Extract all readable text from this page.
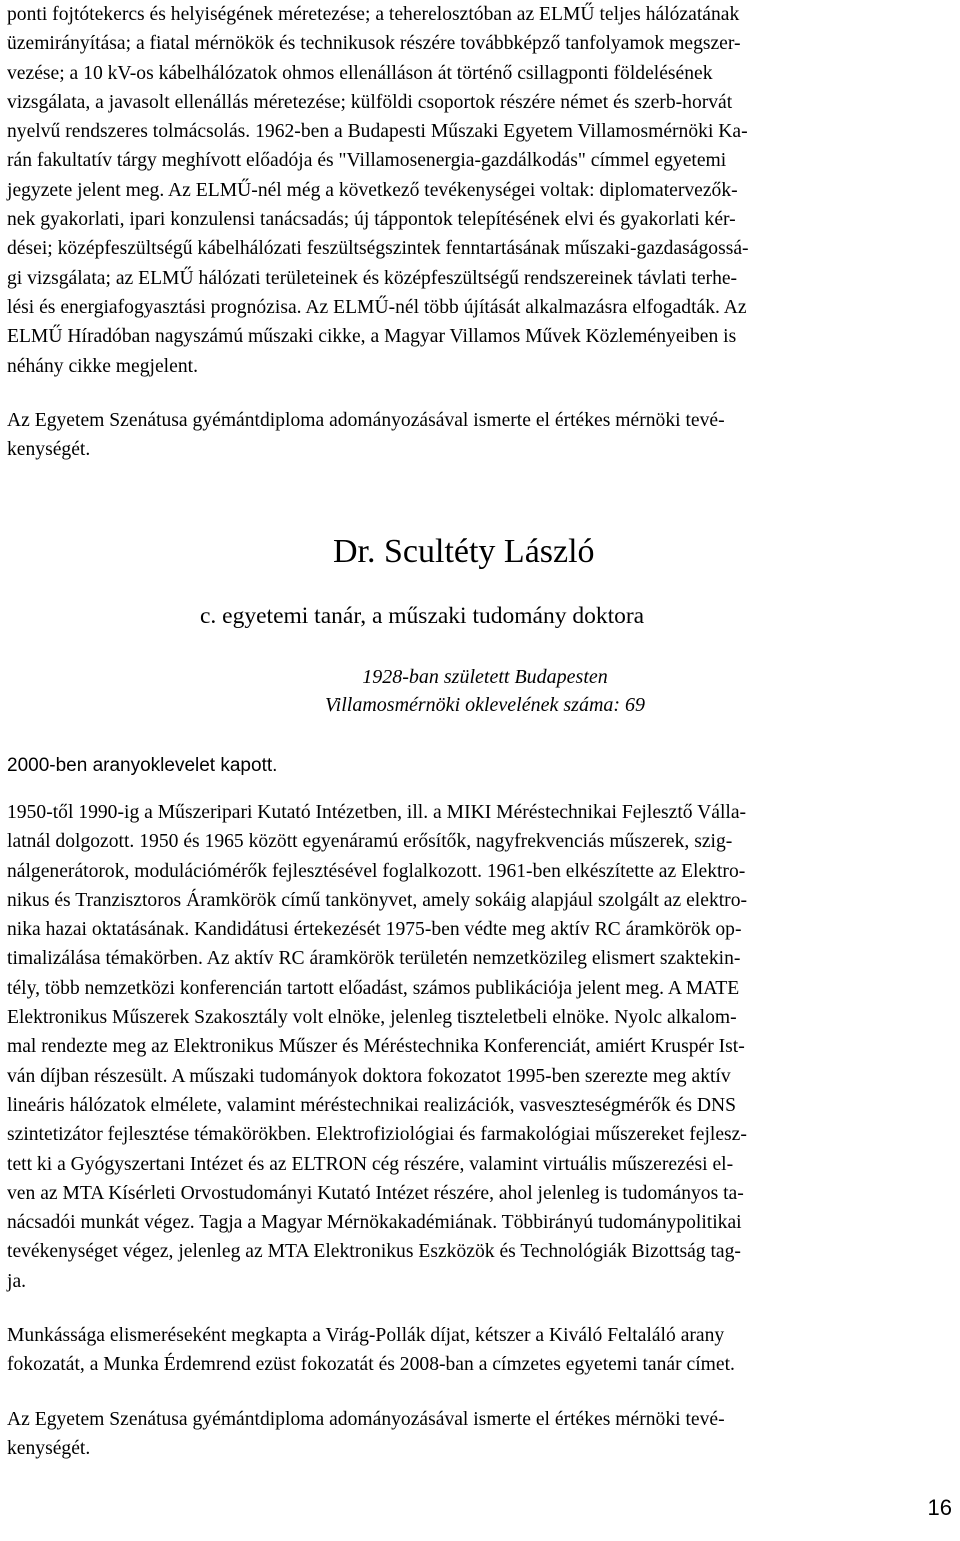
ponti fojtótekercs és helyiségének méretezése; a teherelosztóban az ELMŰ teljes hálózatának
üzemirányítása; a fiatal mérnökök és technikusok részére továbbképző tanfolyamok megszer-
vezése; a 10 kV-os kábelhálózatok ohmos ellenálláson át történő csillagponti földelésének
vizsgálata, a javasolt ellenállás méretezése; külföldi csoportok részére német és szerb-horvát
nyelvű rendszeres tolmácsolás. 1962-ben a Budapesti Műszaki Egyetem Villamosmérnöki Ka-
rán fakultatív tárgy meghívott előadója és "Villamosenergia-gazdálkodás" címmel egyetemi
jegyzete jelent meg. Az ELMŰ-nél még a következő tevékenységei voltak: diplomatervezők-
nek gyakorlati, ipari konzulensi tanácsadás; új táppontok telepítésének elvi és gyakorlati kér-
dései; középfeszültségű kábelhálózati feszültségszintek fenntartásának műszaki-gazdaságossá-
gi vizsgálata; az ELMŰ hálózati területeinek és középfeszültségű rendszereinek távlati terhe-
lési és energiafogyasztási prognózisa. Az ELMŰ-nél több újítását alkalmazásra elfogadták. Az
ELMŰ Híradóban nagyszámú műszaki cikke, a Magyar Villamos Művek Közleményeiben is
néhány cikke megjelent.

Az Egyetem Szenátusa gyémántdiploma adományozásával ismerte el értékes mérnöki tevé-
kenységét.

Dr. Scultéty László

c. egyetemi tanár, a műszaki tudomány doktora

1928-ban született Budapesten

Villamosmérnöki oklevelének száma: 69

2000-ben aranyoklevelet kapott.

1950-től 1990-ig a Műszeripari Kutató Intézetben, ill. a MIKI Méréstechnikai Fejlesztő Válla-
latnál dolgozott. 1950 és 1965 között egyenáramú erősítők, nagyfrekvenciás műszerek, szig-
nálgenerátorok, modulációmérők fejlesztésével foglalkozott. 1961-ben elkészítette az Elektro-
nikus és Tranzisztoros Áramkörök című tankönyvet, amely sokáig alapjául szolgált az elektro-
nika hazai oktatásának. Kandidátusi értekezését 1975-ben védte meg aktív RC áramkörök op-
timalizálása témakörben. Az aktív RC áramkörök területén nemzetközileg elismert szaktekin-
tély, több nemzetközi konferencián tartott előadást, számos publikációja jelent meg. A MATE
Elektronikus Műszerek Szakosztály volt elnöke, jelenleg tiszteletbeli elnöke. Nyolc alkalom-
mal rendezte meg az Elektronikus Műszer és Méréstechnika Konferenciát, amiért Kruspér Ist-
ván díjban részesült. A műszaki tudományok doktora fokozatot 1995-ben szerezte meg aktív
lineáris hálózatok elmélete, valamint méréstechnikai realizációk, vasveszteségmérők és DNS
szintetizátor fejlesztése témakörökben. Elektrofiziológiai és farmakológiai műszereket fejlesz-
tett ki a Gyógyszertani Intézet és az ELTRON cég részére, valamint virtuális műszerezési el-
ven az MTA Kísérleti Orvostudományi Kutató Intézet részére, ahol jelenleg is tudományos ta-
nácsadói munkát végez. Tagja a Magyar Mérnökakadémiának. Többirányú tudománypolitikai
tevékenységet végez, jelenleg az MTA Elektronikus Eszközök és Technológiák Bizottság tag-
ja.

Munkássága elismeréseként megkapta a Virág-Pollák díjat, kétszer a Kiváló Feltaláló arany
fokozatát, a Munka Érdemrend ezüst fokozatát és 2008-ban a címzetes egyetemi tanár címet.

Az Egyetem Szenátusa gyémántdiploma adományozásával ismerte el értékes mérnöki tevé-
kenységét.

16
